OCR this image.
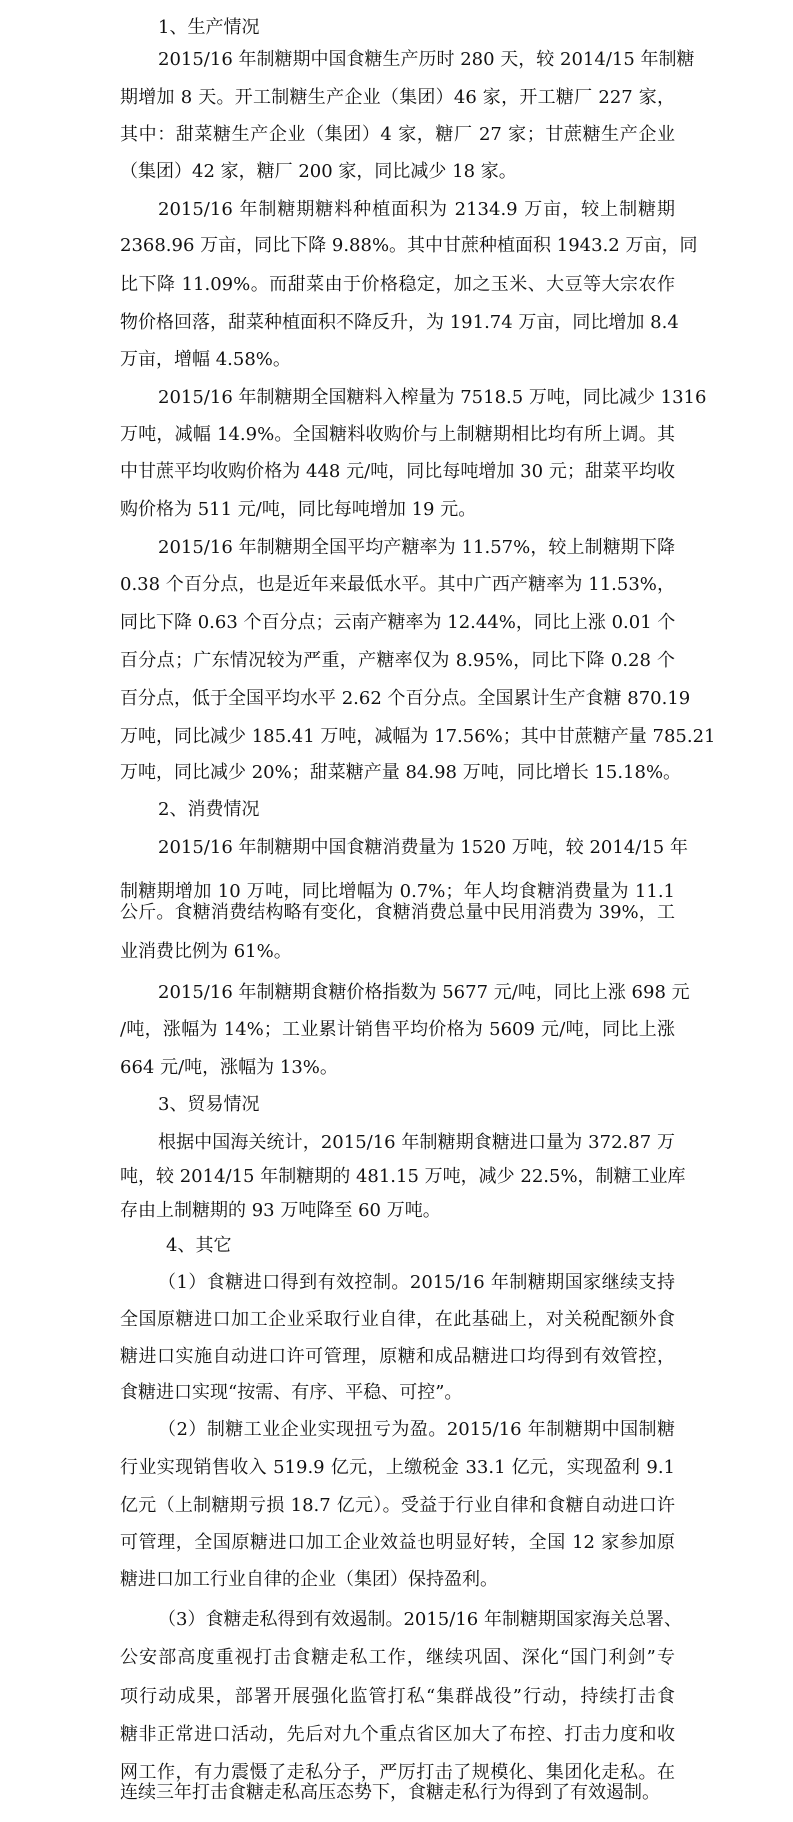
1、生产情况
2015/16 年制糖期中国食糖生产历时 280 天，较 2014/15 年制糖
期增加 8 天。开工制糖生产企业（集团）46 家，开工糖厂 227 家，
其中：甜菜糖生产企业（集团）4 家，糖厂 27 家；甘蔗糖生产企业
（集团）42 家，糖厂 200 家，同比减少 18 家。
2015/16 年制糖期糖料种植面积为 2134.9 万亩，较上制糖期
2368.96 万亩，同比下降 9.88%。其中甘蔗种植面积 1943.2 万亩，同
比下降 11.09%。而甜菜由于价格稳定，加之玉米、大豆等大宗农作
物价格回落，甜菜种植面积不降反升，为 191.74 万亩，同比增加 8.4
万亩，增幅 4.58%。
2015/16 年制糖期全国糖料入榨量为 7518.5 万吨，同比减少 1316
万吨，减幅 14.9%。全国糖料收购价与上制糖期相比均有所上调。其
中甘蔗平均收购价格为 448 元/吨，同比每吨增加 30 元；甜菜平均收
购价格为 511 元/吨，同比每吨增加 19 元。
2015/16 年制糖期全国平均产糖率为 11.57%，较上制糖期下降
0.38 个百分点，也是近年来最低水平。其中广西产糖率为 11.53%，
同比下降 0.63 个百分点；云南产糖率为 12.44%，同比上涨 0.01 个
百分点；广东情况较为严重，产糖率仅为 8.95%，同比下降 0.28 个
百分点，低于全国平均水平 2.62 个百分点。全国累计生产食糖 870.19
万吨，同比减少 185.41 万吨，减幅为 17.56%；其中甘蔗糖产量 785.21
万吨，同比减少 20%；甜菜糖产量 84.98 万吨，同比增长 15.18%。
2、消费情况
2015/16 年制糖期中国食糖消费量为 1520 万吨，较 2014/15 年
制糖期增加 10 万吨，同比增幅为 0.7%；年人均食糖消费量为 11.1
公斤。食糖消费结构略有变化，食糖消费总量中民用消费为 39%，工
业消费比例为 61%。
2015/16 年制糖期食糖价格指数为 5677 元/吨，同比上涨 698 元
/吨，涨幅为 14%；工业累计销售平均价格为 5609 元/吨，同比上涨
664 元/吨，涨幅为 13%。
3、贸易情况
根据中国海关统计，2015/16 年制糖期食糖进口量为 372.87 万
吨，较 2014/15 年制糖期的 481.15 万吨，减少 22.5%，制糖工业库
存由上制糖期的 93 万吨降至 60 万吨。
4、其它
（1）食糖进口得到有效控制。2015/16 年制糖期国家继续支持
全国原糖进口加工企业采取行业自律，在此基础上，对关税配额外食
糖进口实施自动进口许可管理，原糖和成品糖进口均得到有效管控，
食糖进口实现“按需、有序、平稳、可控”。
（2）制糖工业企业实现扭亏为盈。2015/16 年制糖期中国制糖
行业实现销售收入 519.9 亿元，上缴税金 33.1 亿元，实现盈利 9.1
亿元（上制糖期亏损 18.7 亿元）。受益于行业自律和食糖自动进口许
可管理，全国原糖进口加工企业效益也明显好转，全国 12 家参加原
糖进口加工行业自律的企业（集团）保持盈利。
（3）食糖走私得到有效遏制。2015/16 年制糖期国家海关总署、
公安部高度重视打击食糖走私工作，继续巩固、深化“国门利剑”专
项行动成果，部署开展强化监管打私“集群战役”行动，持续打击食
糖非正常进口活动，先后对九个重点省区加大了布控、打击力度和收
网工作，有力震慑了走私分子，严厉打击了规模化、集团化走私。在
连续三年打击食糖走私高压态势下，食糖走私行为得到了有效遏制。
